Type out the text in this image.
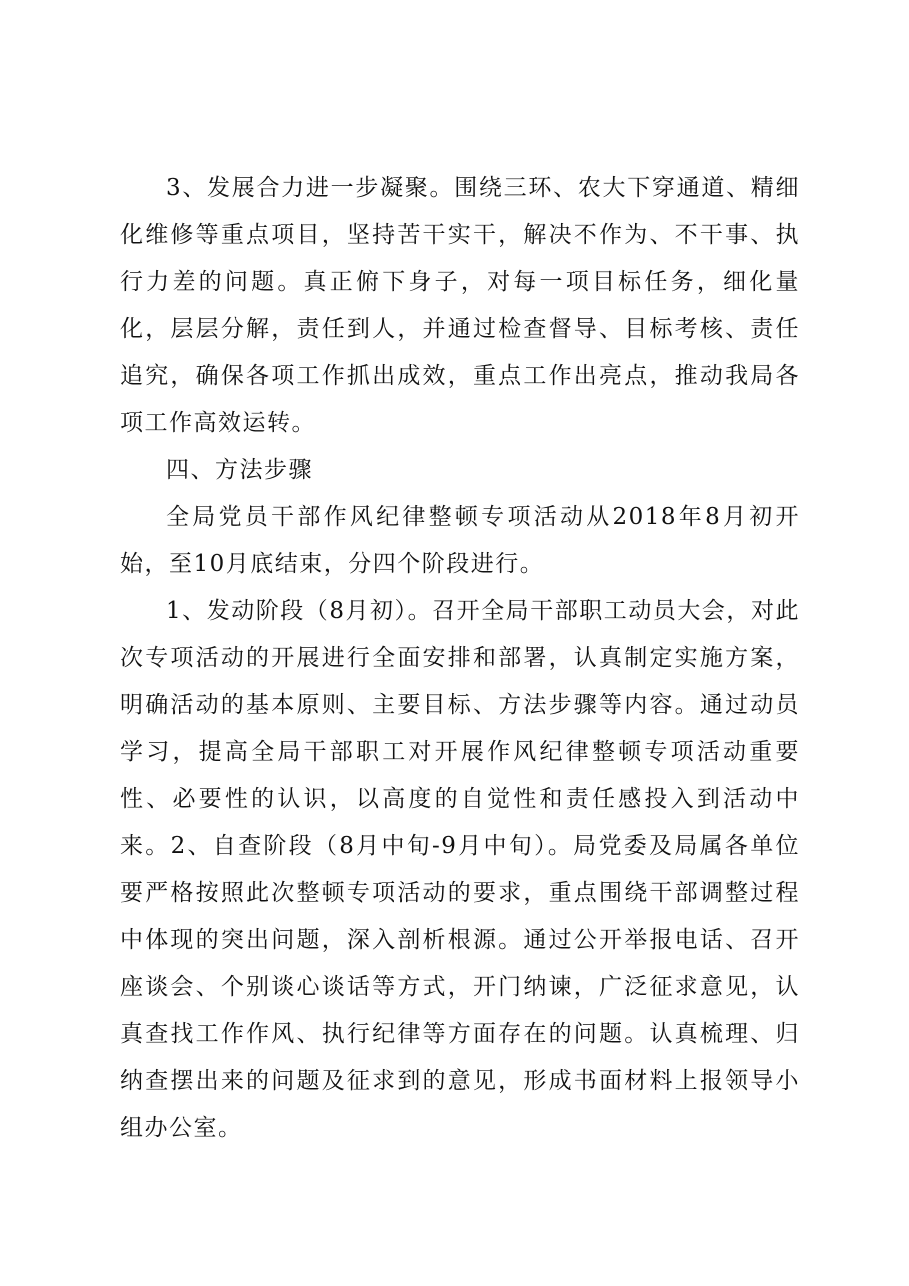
3、发展合力进一步凝聚。围绕三环、农大下穿通道、精细化维修等重点项目，坚持苦干实干，解决不作为、不干事、执行力差的问题。真正俯下身子，对每一项目标任务，细化量化，层层分解，责任到人，并通过检查督导、目标考核、责任追究，确保各项工作抓出成效，重点工作出亮点，推动我局各项工作高效运转。

四、方法步骤

全局党员干部作风纪律整顿专项活动从2018年8月初开始，至10月底结束，分四个阶段进行。

1、发动阶段（8月初）。召开全局干部职工动员大会，对此次专项活动的开展进行全面安排和部署，认真制定实施方案，明确活动的基本原则、主要目标、方法步骤等内容。通过动员学习，提高全局干部职工对开展作风纪律整顿专项活动重要性、必要性的认识，以高度的自觉性和责任感投入到活动中来。2、自查阶段（8月中旬-9月中旬）。局党委及局属各单位要严格按照此次整顿专项活动的要求，重点围绕干部调整过程中体现的突出问题，深入剖析根源。通过公开举报电话、召开座谈会、个别谈心谈话等方式，开门纳谏，广泛征求意见，认真查找工作作风、执行纪律等方面存在的问题。认真梳理、归纳查摆出来的问题及征求到的意见，形成书面材料上报领导小组办公室。
